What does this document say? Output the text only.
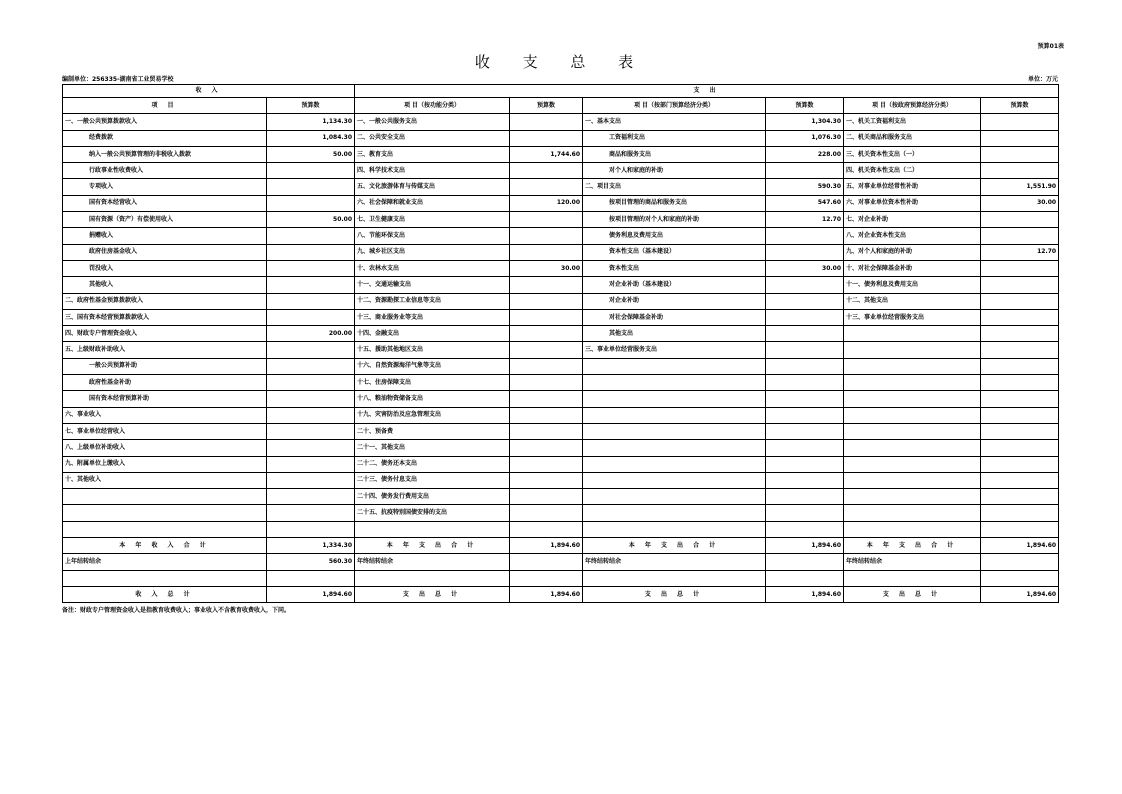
预算01表
收 支 总 表
编制单位：256335-湖南省工业贸易学校	单位：万元
收 入		支 出					
项 目	预算数	项 目（按功能分类）	预算数	项 目（按部门预算经济分类）	预算数	项 目（按政府预算经济分类）	预算数
一、一般公共预算拨款收入	1,134.30	一、一般公共服务支出		一、基本支出	1,304.30	一、机关工资福利支出	
经费拨款	1,084.30	二、公共安全支出		工资福利支出	1,076.30	二、机关商品和服务支出	
纳入一般公共预算管理的非税收入拨款	50.00	三、教育支出	1,744.60	商品和服务支出	228.00	三、机关资本性支出（一）	
行政事业性收费收入		四、科学技术支出		对个人和家庭的补助		四、机关资本性支出（二）	
专项收入		五、文化旅游体育与传媒支出		二、项目支出	590.30	五、对事业单位经常性补助	1,551.90
国有资本经营收入		六、社会保障和就业支出	120.00	按项目管理的商品和服务支出	547.60	六、对事业单位资本性补助	30.00
国有资源（资产）有偿使用收入	50.00	七、卫生健康支出		按项目管理的对个人和家庭的补助	12.70	七、对企业补助	
捐赠收入		八、节能环保支出		债务利息及费用支出		八、对企业资本性支出	
政府住房基金收入		九、城乡社区支出		资本性支出（基本建设）		九、对个人和家庭的补助	12.70
罚没收入		十、农林水支出	30.00	资本性支出	30.00	十、对社会保障基金补助	
其他收入		十一、交通运输支出		对企业补助（基本建设）		十一、债务利息及费用支出	
二、政府性基金预算拨款收入		十二、资源勘探工业信息等支出		对企业补助		十二、其他支出	
三、国有资本经营预算拨款收入		十三、商业服务业等支出		对社会保障基金补助		十三、事业单位经营服务支出	
四、财政专户管理资金收入	200.00	十四、金融支出		其他支出			
五、上级财政补助收入		十五、援助其他地区支出		三、事业单位经营服务支出			
一般公共预算补助		十六、自然资源海洋气象等支出					
政府性基金补助		十七、住房保障支出					
国有资本经营预算补助		十八、粮油物资储备支出					
六、事业收入		十九、灾害防治及应急管理支出					
七、事业单位经营收入		二十、预备费					
八、上级单位补助收入		二十一、其他支出					
九、附属单位上缴收入		二十二、债务还本支出					
十、其他收入		二十三、债务付息支出					
		二十四、债务发行费用支出					
		二十五、抗疫特别国债安排的支出					

本 年 收 入 合 计	1,334.30	本 年 支 出 合 计	1,894.60	本 年 支 出 合 计	1,894.60	本 年 支 出 合 计	1,894.60
上年结转结余	560.30	年终结转结余		年终结转结余		年终结转结余	

收 入 总 计	1,894.60	支 出 总 计	1,894.60	支 出 总 计	1,894.60	支 出 总 计	1,894.60
备注：财政专户管理资金收入是指教育收费收入；事业收入不含教育收费收入，下同。
